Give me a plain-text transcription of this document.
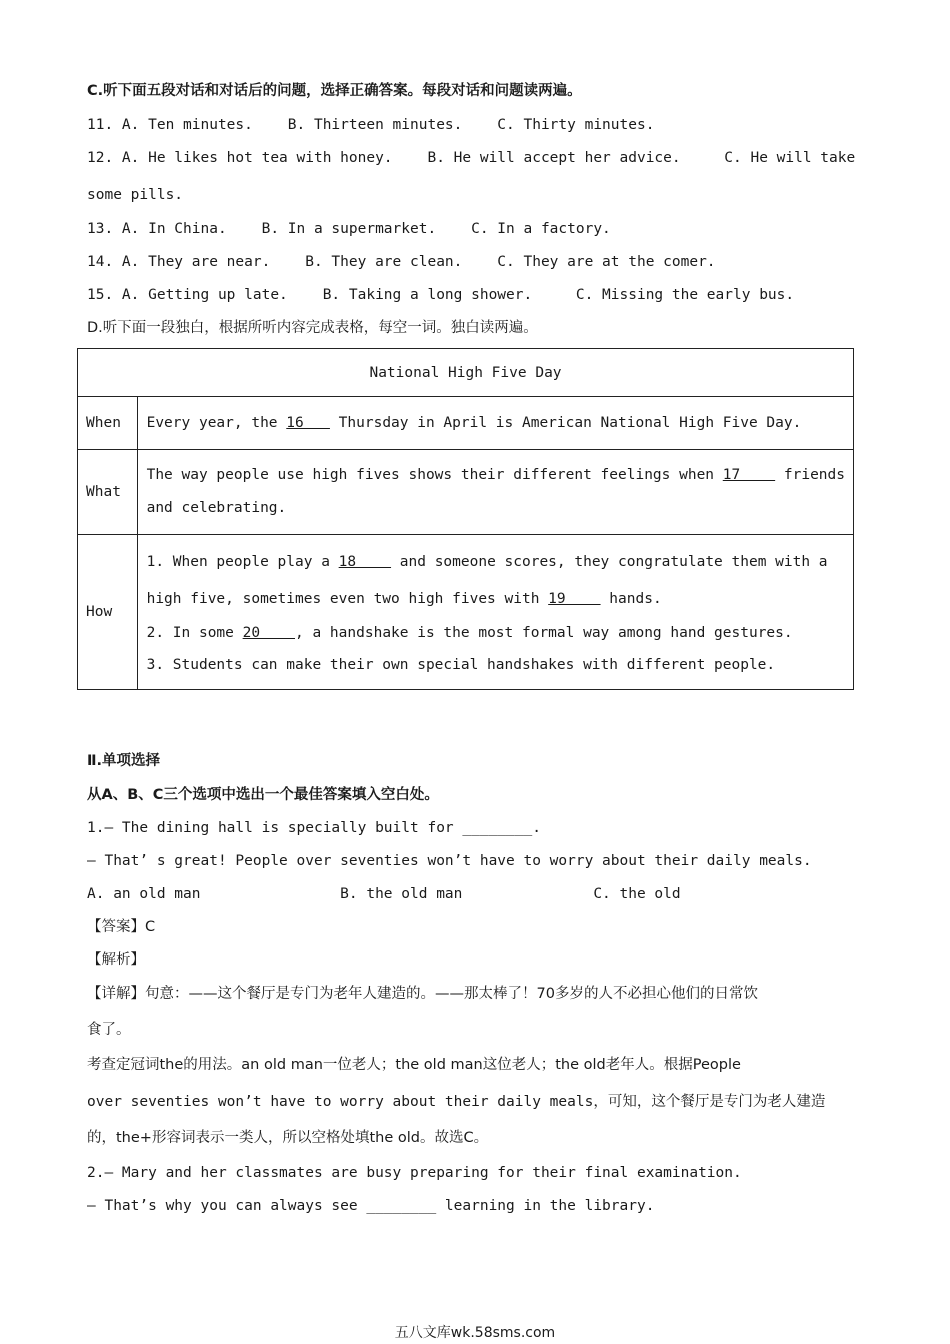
C.听下面五段对话和对话后的问题，选择正确答案。每段对话和问题读两遍。
11. A. Ten minutes.    B. Thirteen minutes.    C. Thirty minutes.
12. A. He likes hot tea with honey.    B. He will accept her advice.     C. He will take
some pills.
13. A. In China.    B. In a supermarket.    C. In a factory.
14. A. They are near.    B. They are clean.    C. They are at the comer.
15. A. Getting up late.    B. Taking a long shower.     C. Missing the early bus.
D.听下面一段独白，根据所听内容完成表格，每空一词。独白读两遍。
National High Five Day	
When	Every year, the 16    Thursday in April is American National High Five Day.
What	The way people use high fives shows their different feelings when 17     friends
and celebrating.

How	1. When people play a 18     and someone scores, they congratulate them with a
high five, sometimes even two high fives with 19     hands.
2. In some 20    , a handshake is the most formal way among hand gestures.
3. Students can make their own special handshakes with different people.
Ⅱ.单项选择
从A、B、C三个选项中选出一个最佳答案填入空白处。
1.— The dining hall is specially built for ________.
— That’ s great! People over seventies won’t have to worry about their daily meals.
A. an old man                B. the old man               C. the old
【答案】C
【解析】
【详解】句意：——这个餐厅是专门为老年人建造的。——那太棒了！70多岁的人不必担心他们的日常饮
食了。
考查定冠词the的用法。an old man一位老人；the old man这位老人；the old老年人。根据People
over seventies won’t have to worry about their daily meals，可知，这个餐厅是专门为老人建造
的，the+形容词表示一类人，所以空格处填the old。故选C。
2.— Mary and her classmates are busy preparing for their final examination.
— That’s why you can always see ________ learning in the library.
五八文库wk.58sms.com
